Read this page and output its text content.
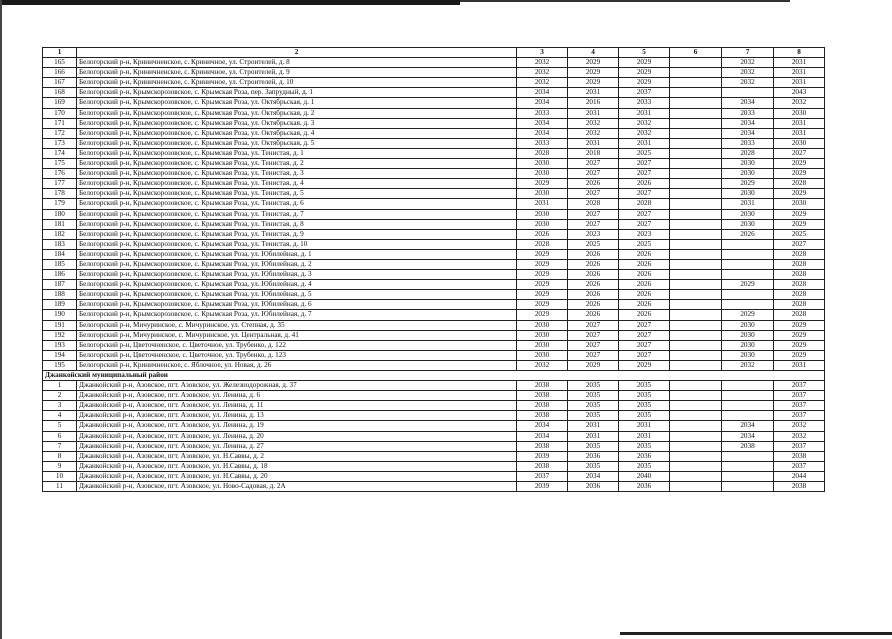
1	2	3	4	5	6	7	8
165	Белогорский р-н, Криничненское, с. Криничное, ул. Строителей, д. 8	2032	2029	2029		2032	2031
166	Белогорский р-н, Криничненское, с. Криничное, ул. Строителей, д. 9	2032	2029	2029		2032	2031
167	Белогорский р-н, Криничненское, с. Криничное, ул. Строителей, д. 10	2032	2029	2029		2032	2031
168	Белогорский р-н, Крымскорозовское, с. Крымская Роза, пер. Запрудный, д. 1	2034	2031	2037			2043
169	Белогорский р-н, Крымскорозовское, с. Крымская Роза, ул. Октябрьская, д. 1	2034	2016	2033		2034	2032
170	Белогорский р-н, Крымскорозовское, с. Крымская Роза, ул. Октябрьская, д. 2	2033	2031	2031		2033	2030
171	Белогорский р-н, Крымскорозовское, с. Крымская Роза, ул. Октябрьская, д. 3	2034	2032	2032		2034	2031
172	Белогорский р-н, Крымскорозовское, с. Крымская Роза, ул. Октябрьская, д. 4	2034	2032	2032		2034	2031
173	Белогорский р-н, Крымскорозовское, с. Крымская Роза, ул. Октябрьская, д. 5	2033	2031	2031		2033	2030
174	Белогорский р-н, Крымскорозовское, с. Крымская Роза, ул. Тенистая, д. 1	2028	2018	2025		2028	2027
175	Белогорский р-н, Крымскорозовское, с. Крымская Роза, ул. Тенистая, д. 2	2030	2027	2027		2030	2029
176	Белогорский р-н, Крымскорозовское, с. Крымская Роза, ул. Тенистая, д. 3	2030	2027	2027		2030	2029
177	Белогорский р-н, Крымскорозовское, с. Крымская Роза, ул. Тенистая, д. 4	2029	2026	2026		2029	2028
178	Белогорский р-н, Крымскорозовское, с. Крымская Роза, ул. Тенистая, д. 5	2030	2027	2027		2030	2029
179	Белогорский р-н, Крымскорозовское, с. Крымская Роза, ул. Тенистая, д. 6	2031	2028	2028		2031	2030
180	Белогорский р-н, Крымскорозовское, с. Крымская Роза, ул. Тенистая, д. 7	2030	2027	2027		2030	2029
181	Белогорский р-н, Крымскорозовское, с. Крымская Роза, ул. Тенистая, д. 8	2030	2027	2027		2030	2029
182	Белогорский р-н, Крымскорозовское, с. Крымская Роза, ул. Тенистая, д. 9	2026	2023	2023		2026	2025
183	Белогорский р-н, Крымскорозовское, с. Крымская Роза, ул. Тенистая, д. 10	2028	2025	2025			2027
184	Белогорский р-н, Крымскорозовское, с. Крымская Роза, ул. Юбилейная, д. 1	2029	2026	2026			2028
185	Белогорский р-н, Крымскорозовское, с. Крымская Роза, ул. Юбилейная, д. 2	2029	2026	2026			2028
186	Белогорский р-н, Крымскорозовское, с. Крымская Роза, ул. Юбилейная, д. 3	2029	2026	2026			2028
187	Белогорский р-н, Крымскорозовское, с. Крымская Роза, ул. Юбилейная, д. 4	2029	2026	2026		2029	2028
188	Белогорский р-н, Крымскорозовское, с. Крымская Роза, ул. Юбилейная, д. 5	2029	2026	2026			2028
189	Белогорский р-н, Крымскорозовское, с. Крымская Роза, ул. Юбилейная, д. 6	2029	2026	2026			2028
190	Белогорский р-н, Крымскорозовское, с. Крымская Роза, ул. Юбилейная, д. 7	2029	2026	2026		2029	2028
191	Белогорский р-н, Мичуринское, с. Мичуринское, ул. Степная, д. 35	2030	2027	2027		2030	2029
192	Белогорский р-н, Мичуринское, с. Мичуринское, ул. Центральная, д. 41	2030	2027	2027		2030	2029
193	Белогорский р-н, Цветочненское, с. Цветочное, ул. Трубенко, д. 122	2030	2027	2027		2030	2029
194	Белогорский р-н, Цветочненское, с. Цветочное, ул. Трубенко, д. 123	2030	2027	2027		2030	2029
195	Белогорский р-н, Криничненское, с. Яблочное, ул. Новая, д. 26	2032	2029	2029		2032	2031
Джанкойский муниципальный район							
1	Джанкойский р-н, Азовское, пгт. Азовское, ул. Железнодорожная, д. 37	2038	2035	2035			2037
2	Джанкойский р-н, Азовское, пгт. Азовское, ул. Ленина, д. 6	2038	2035	2035			2037
3	Джанкойский р-н, Азовское, пгт. Азовское, ул. Ленина, д. 11	2038	2035	2035			2037
4	Джанкойский р-н, Азовское, пгт. Азовское, ул. Ленина, д. 13	2038	2035	2035			2037
5	Джанкойский р-н, Азовское, пгт. Азовское, ул. Ленина, д. 19	2034	2031	2031		2034	2032
6	Джанкойский р-н, Азовское, пгт. Азовское, ул. Ленина, д. 20	2034	2031	2031		2034	2032
7	Джанкойский р-н, Азовское, пгт. Азовское, ул. Ленина, д. 27	2038	2035	2035		2038	2037
8	Джанкойский р-н, Азовское, пгт. Азовское, ул. Н.Саввы, д. 2	2039	2036	2036			2038
9	Джанкойский р-н, Азовское, пгт. Азовское, ул. Н.Саввы, д. 18	2038	2035	2035			2037
10	Джанкойский р-н, Азовское, пгт. Азовское, ул. Н.Саввы, д. 20	2037	2034	2040			2044
11	Джанкойский р-н, Азовское, пгт. Азовское, ул. Ново-Садовая, д. 2А	2039	2036	2036			2038
